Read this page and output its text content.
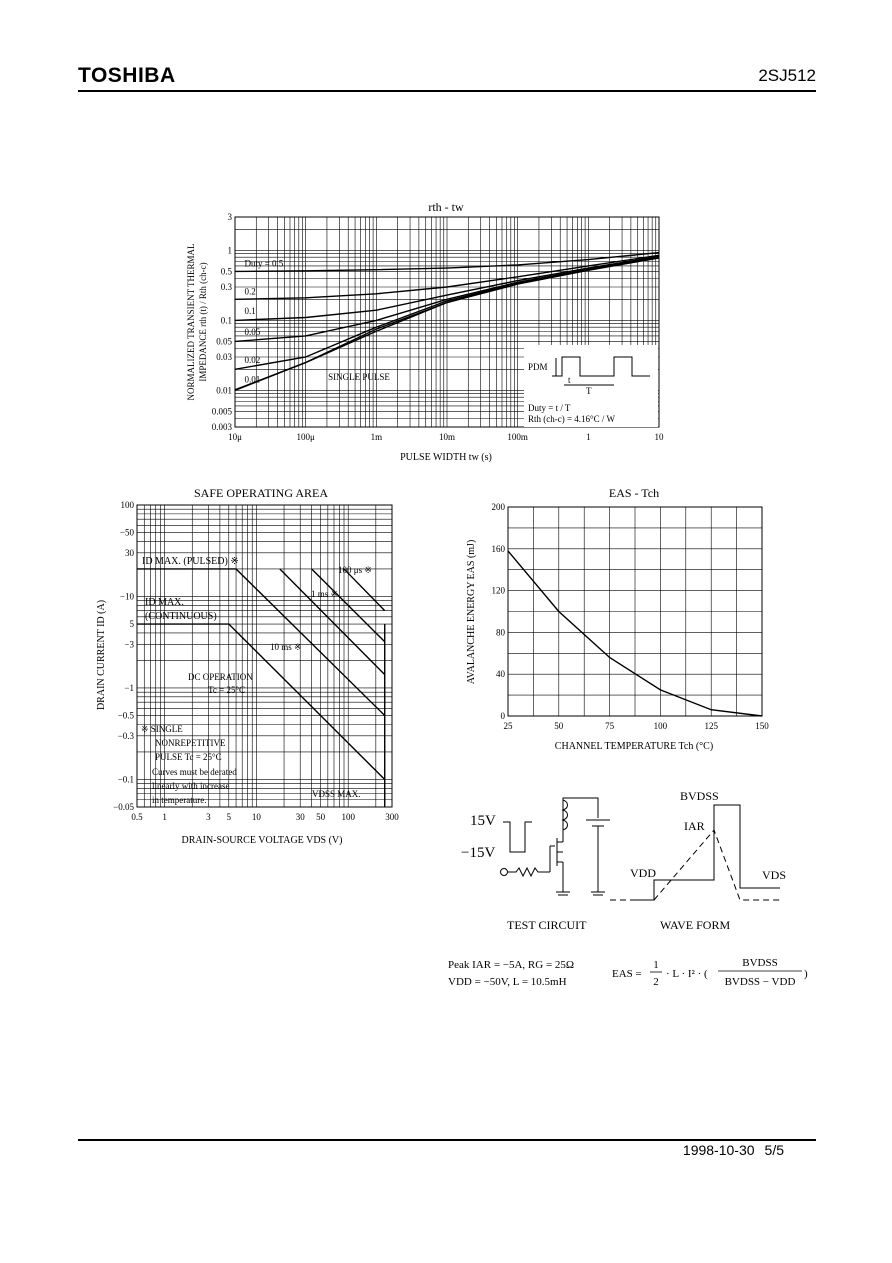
TOSHIBA	2SJ512
rth - tw
3
1
0.5
0.3
0.1
0.05
0.03
0.01
0.005
0.003
10μ	100μ	1m	10m	100m	1	10
Duty = 0.5
0.2
0.1
0.05
0.02
0.01	SINGLE PULSE
PULSE WIDTH tw (s)
NORMALIZED TRANSIENT THERMAL IMPEDANCE rth (t) / Rth (ch-c)	PDM
t
T
Duty = t / T
Rth (ch-c) = 4.16°C / W
SAFE OPERATING AREA
100
−50
30
−10
5
−3
−1
−0.5
−0.3
−0.1
−0.05
0.5 1	3 5 10	30 50 100	300
DRAIN CURRENT ID (A)
DRAIN-SOURCE VOLTAGE VDS (V)
ID MAX. (PULSED) ※
ID MAX.
(CONTINUOUS)
100 μs ※
1 ms ※
10 ms ※
DC OPERATION
Tc = 25°C
※ SINGLE
NONREPETITIVE
PULSE Tc = 25°C
Curves must be derated
linearly with increase
in temperature.
VDSS MAX.
EAS - Tch
200
160
120
80
40
0
25	50	75	100	125	150
AVALANCHE ENERGY EAS (mJ)
CHANNEL TEMPERATURE Tch (°C)
15V
−15V
TEST CIRCUIT
BVDSS
IAR
VDD	VDS
WAVE FORM
Peak IAR = −5A, RG = 25Ω
VDD = −50V, L = 10.5mH
EAS =
1
2
· L · I² · (
BVDSS
BVDSS − VDD
)
1998-10-30 5/5
